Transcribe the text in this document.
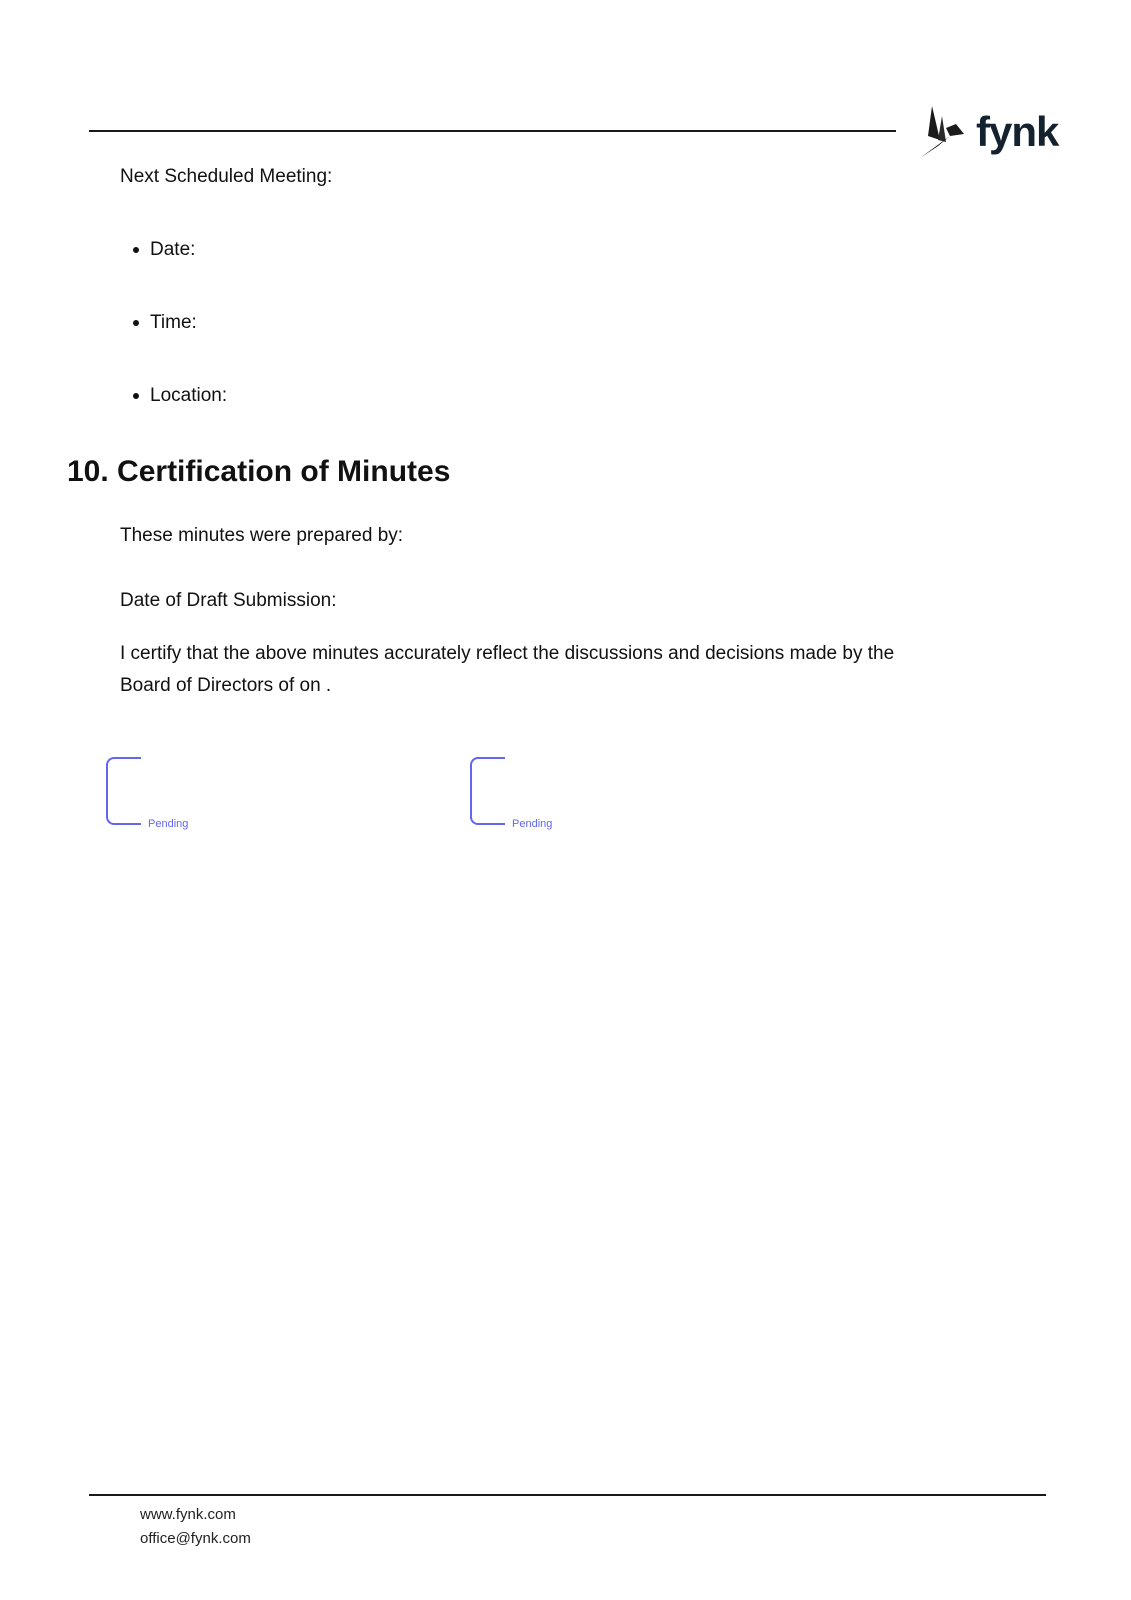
fynk
Next Scheduled Meeting:
Date:
Time:
Location:
10. Certification of Minutes
These minutes were prepared by:
Date of Draft Submission:
I certify that the above minutes accurately reflect the discussions and decisions made by the
Board of Directors of on .
Pending	Pending
www.fynk.com
office@fynk.com
